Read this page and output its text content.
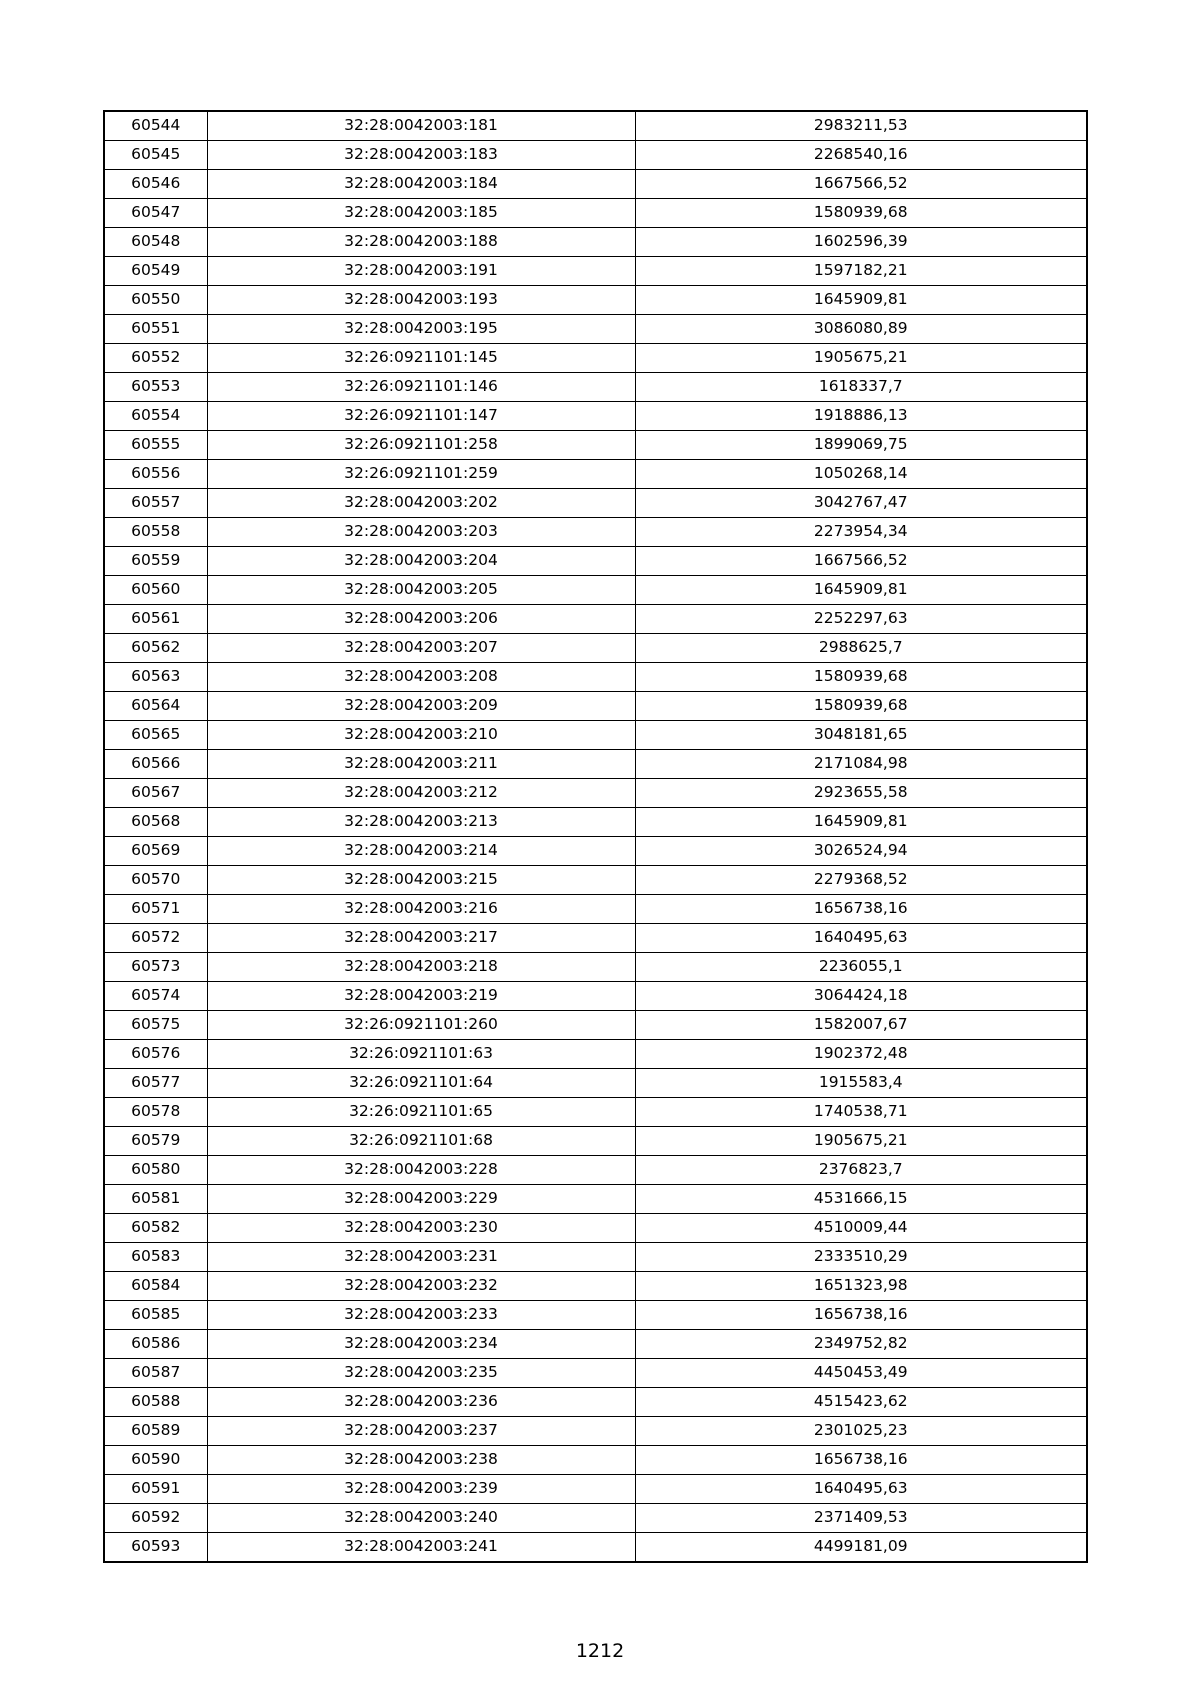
60544	32:28:0042003:181	2983211,53
60545	32:28:0042003:183	2268540,16
60546	32:28:0042003:184	1667566,52
60547	32:28:0042003:185	1580939,68
60548	32:28:0042003:188	1602596,39
60549	32:28:0042003:191	1597182,21
60550	32:28:0042003:193	1645909,81
60551	32:28:0042003:195	3086080,89
60552	32:26:0921101:145	1905675,21
60553	32:26:0921101:146	1618337,7
60554	32:26:0921101:147	1918886,13
60555	32:26:0921101:258	1899069,75
60556	32:26:0921101:259	1050268,14
60557	32:28:0042003:202	3042767,47
60558	32:28:0042003:203	2273954,34
60559	32:28:0042003:204	1667566,52
60560	32:28:0042003:205	1645909,81
60561	32:28:0042003:206	2252297,63
60562	32:28:0042003:207	2988625,7
60563	32:28:0042003:208	1580939,68
60564	32:28:0042003:209	1580939,68
60565	32:28:0042003:210	3048181,65
60566	32:28:0042003:211	2171084,98
60567	32:28:0042003:212	2923655,58
60568	32:28:0042003:213	1645909,81
60569	32:28:0042003:214	3026524,94
60570	32:28:0042003:215	2279368,52
60571	32:28:0042003:216	1656738,16
60572	32:28:0042003:217	1640495,63
60573	32:28:0042003:218	2236055,1
60574	32:28:0042003:219	3064424,18
60575	32:26:0921101:260	1582007,67
60576	32:26:0921101:63	1902372,48
60577	32:26:0921101:64	1915583,4
60578	32:26:0921101:65	1740538,71
60579	32:26:0921101:68	1905675,21
60580	32:28:0042003:228	2376823,7
60581	32:28:0042003:229	4531666,15
60582	32:28:0042003:230	4510009,44
60583	32:28:0042003:231	2333510,29
60584	32:28:0042003:232	1651323,98
60585	32:28:0042003:233	1656738,16
60586	32:28:0042003:234	2349752,82
60587	32:28:0042003:235	4450453,49
60588	32:28:0042003:236	4515423,62
60589	32:28:0042003:237	2301025,23
60590	32:28:0042003:238	1656738,16
60591	32:28:0042003:239	1640495,63
60592	32:28:0042003:240	2371409,53
60593	32:28:0042003:241	4499181,09
1212
